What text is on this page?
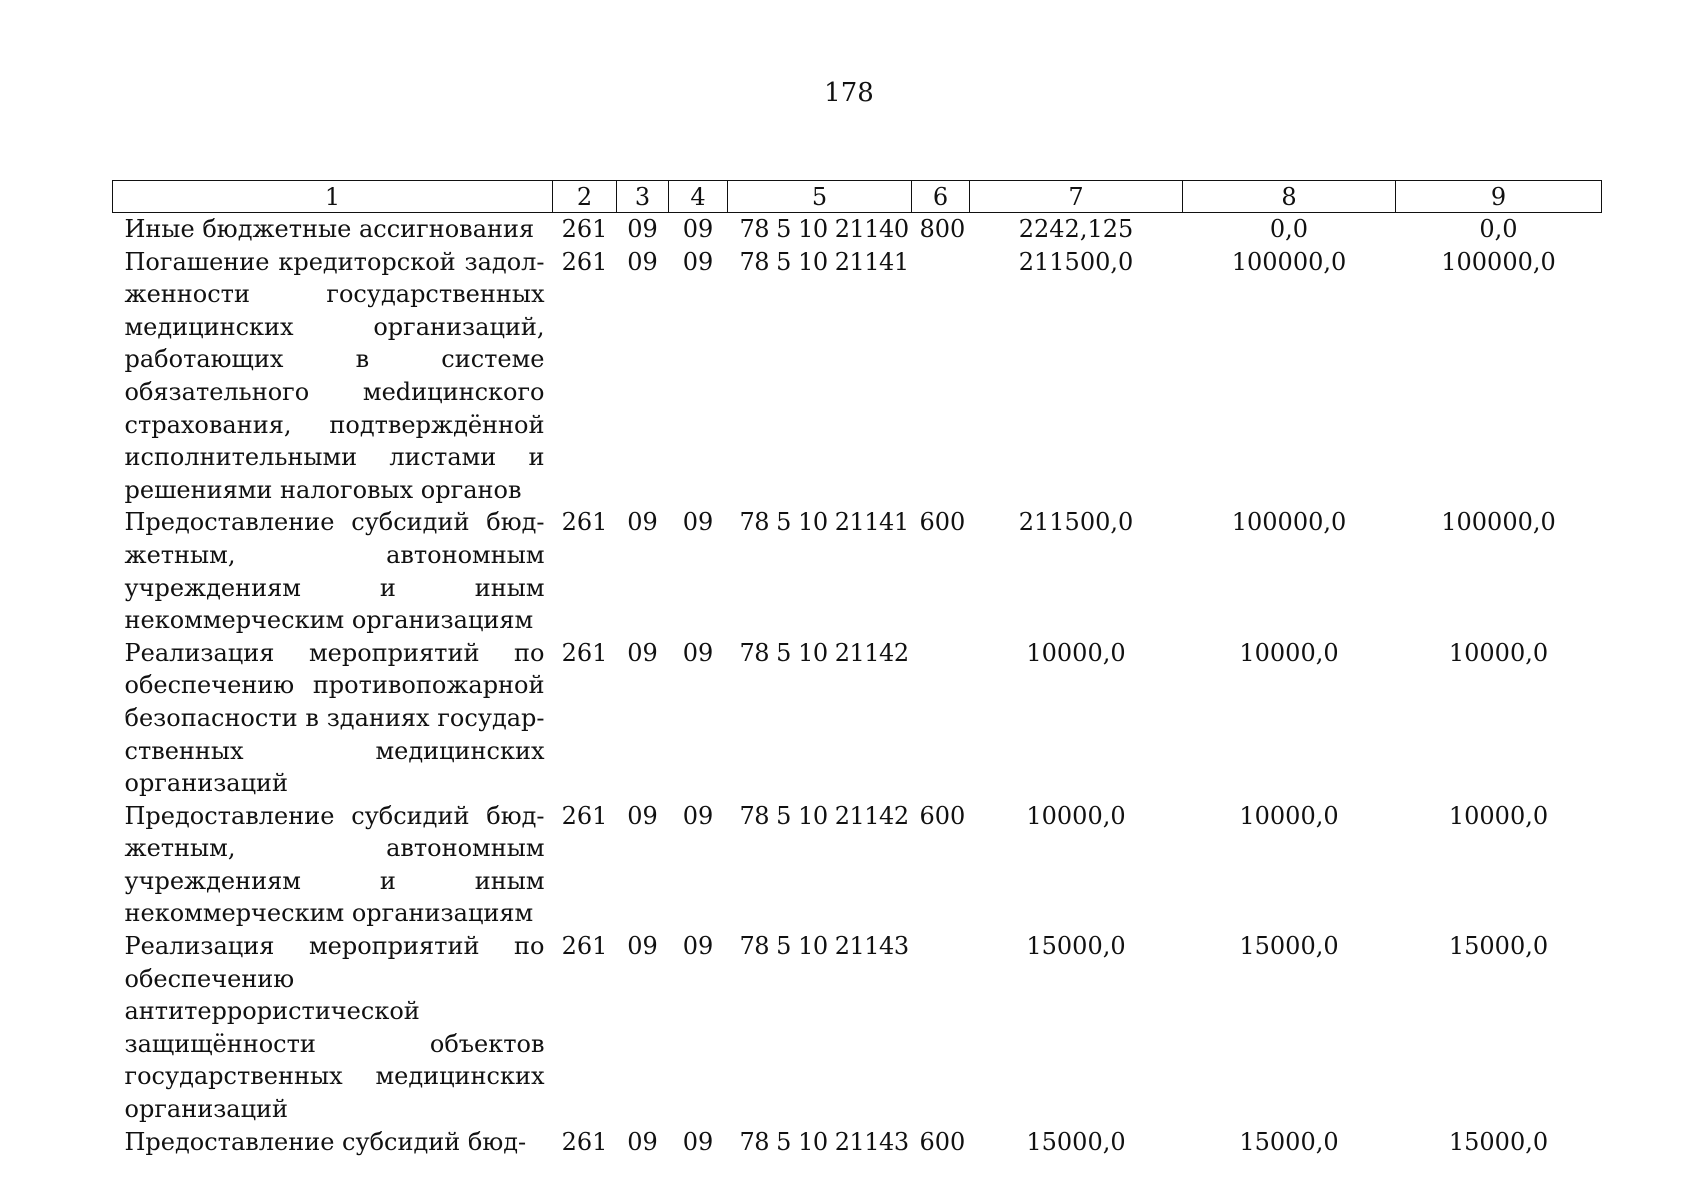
178
1	2	3	4	5	6	7	8	9
Иные бюджетные ассигнования	261	09	09	78 5 10 21140	800	2242,125	0,0	0,0
Погашение кредиторской задолженности государственных медицинских организаций, работающих в системе обязательного меdицинского страхования, подтверждённой исполнительными листами и решениями налоговых органов	261	09	09	78 5 10 21141		211500,0	100000,0	100000,0
Предоставление субсидий бюджетным, автономным учреждениям и иным некоммерческим организациям	261	09	09	78 5 10 21141	600	211500,0	100000,0	100000,0
Реализация мероприятий по обеспечению противопожарной безопасности в зданиях государственных медицинских организаций	261	09	09	78 5 10 21142		10000,0	10000,0	10000,0
Предоставление субсидий бюджетным, автономным учреждениям и иным некоммерческим организациям	261	09	09	78 5 10 21142	600	10000,0	10000,0	10000,0
Реализация мероприятий по обеспечению антитеррористической защищённости объектов государственных медицинских организаций	261	09	09	78 5 10 21143		15000,0	15000,0	15000,0
Предоставление субсидий бюд-	261	09	09	78 5 10 21143	600	15000,0	15000,0	15000,0
